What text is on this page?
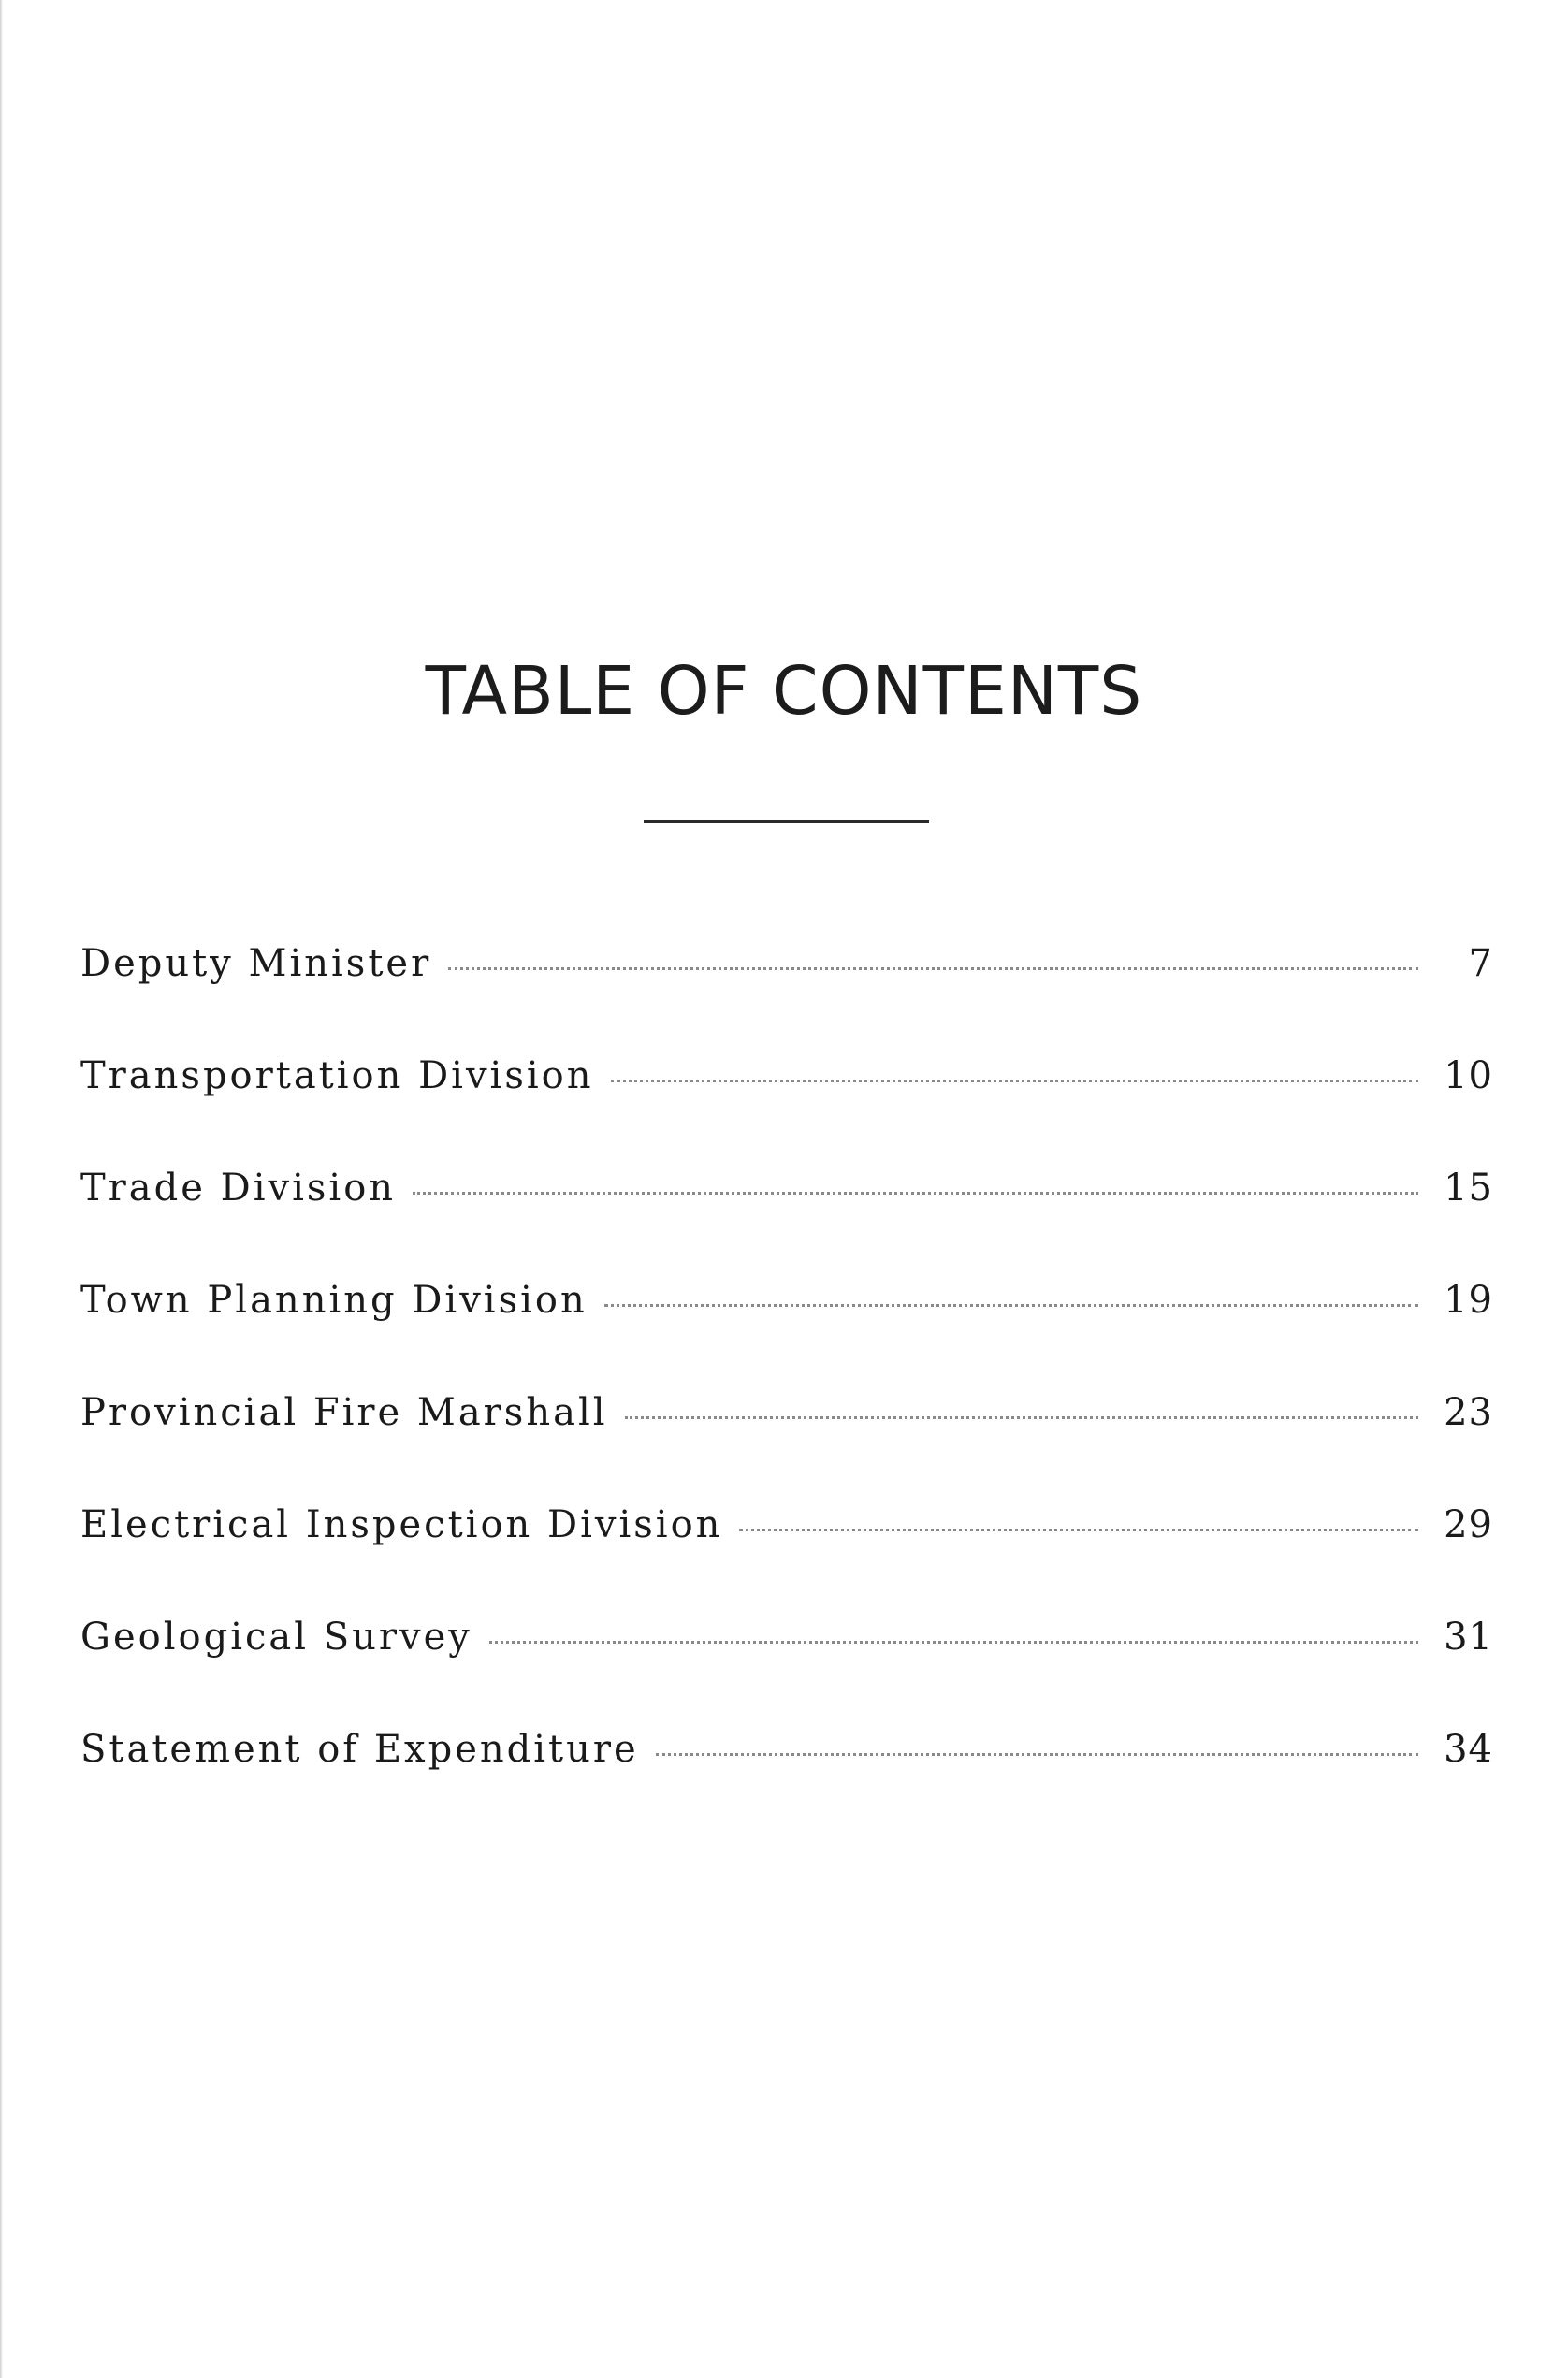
TABLE OF CONTENTS
Deputy Minister	7
Transportation Division	10
Trade Division	15
Town Planning Division	19
Provincial Fire Marshall	23
Electrical Inspection Division	29
Geological Survey	31
Statement of Expenditure	34
